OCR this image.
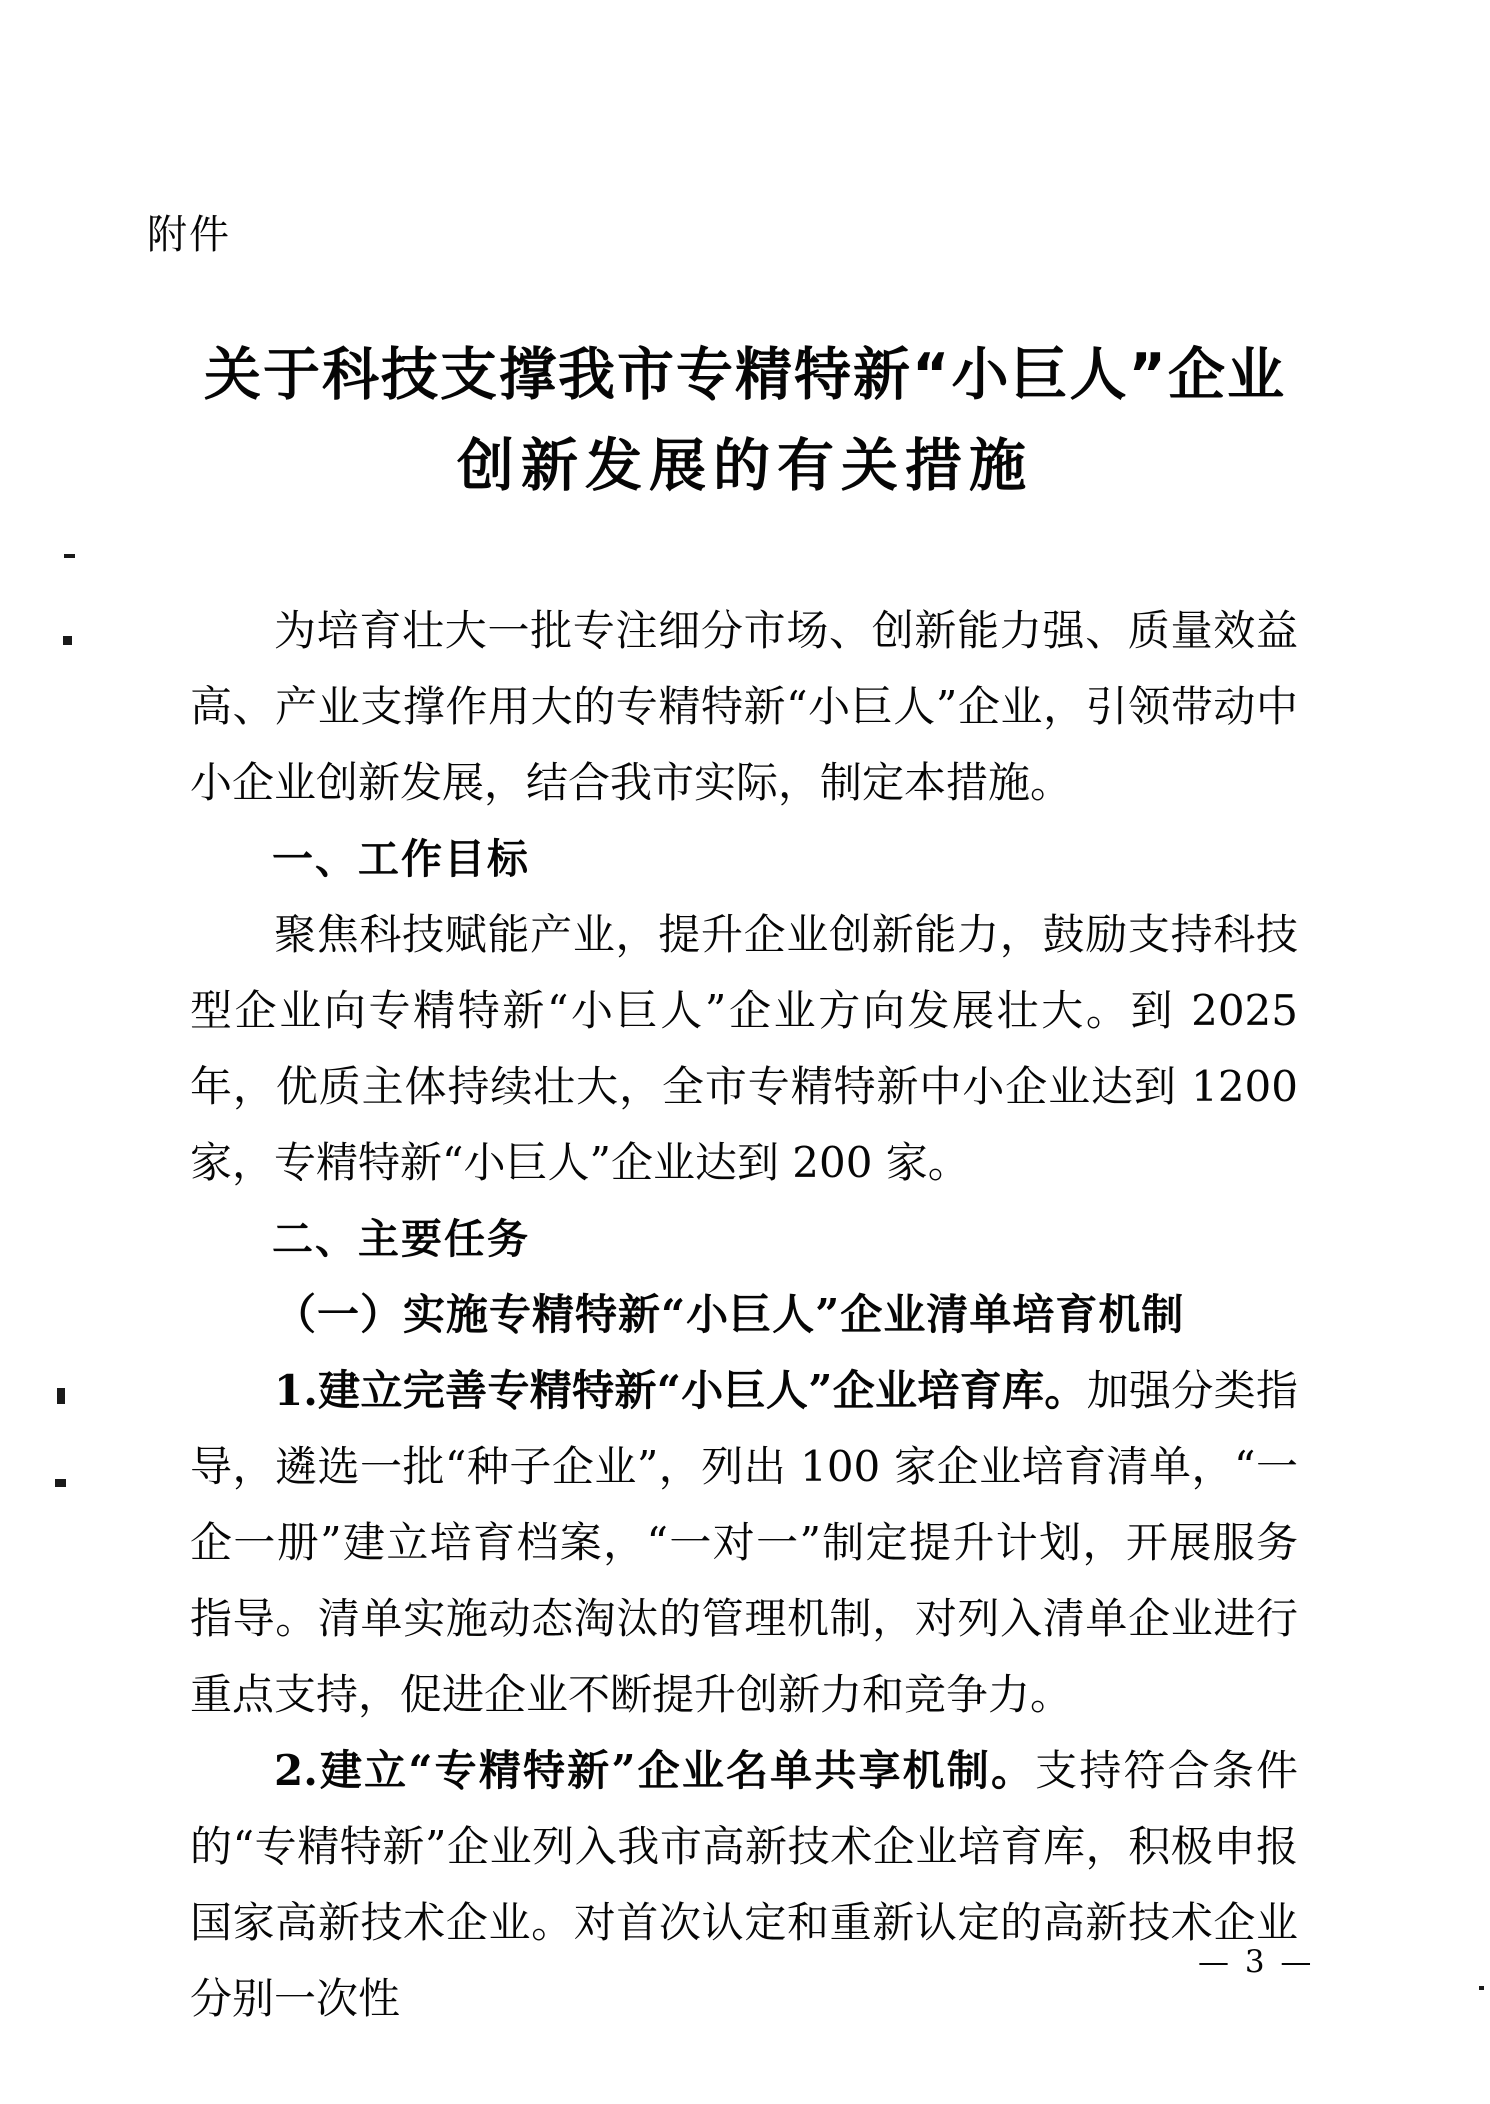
附件
关于科技支撑我市专精特新“小巨人”企业
创新发展的有关措施

为培育壮大一批专注细分市场、创新能力强、质量效益高、产业支撑作用大的专精特新“小巨人”企业，引领带动中小企业创新发展，结合我市实际，制定本措施。

一、工作目标

聚焦科技赋能产业，提升企业创新能力，鼓励支持科技型企业向专精特新“小巨人”企业方向发展壮大。到 2025 年，优质主体持续壮大，全市专精特新中小企业达到 1200 家，专精特新“小巨人”企业达到 200 家。

二、主要任务

（一）实施专精特新“小巨人”企业清单培育机制

1.建立完善专精特新“小巨人”企业培育库。加强分类指导，遴选一批“种子企业”，列出 100 家企业培育清单，“一企一册”建立培育档案，“一对一”制定提升计划，开展服务指导。清单实施动态淘汰的管理机制，对列入清单企业进行重点支持，促进企业不断提升创新力和竞争力。

2.建立“专精特新”企业名单共享机制。支持符合条件的“专精特新”企业列入我市高新技术企业培育库，积极申报国家高新技术企业。对首次认定和重新认定的高新技术企业分别一次性

— 3 —
